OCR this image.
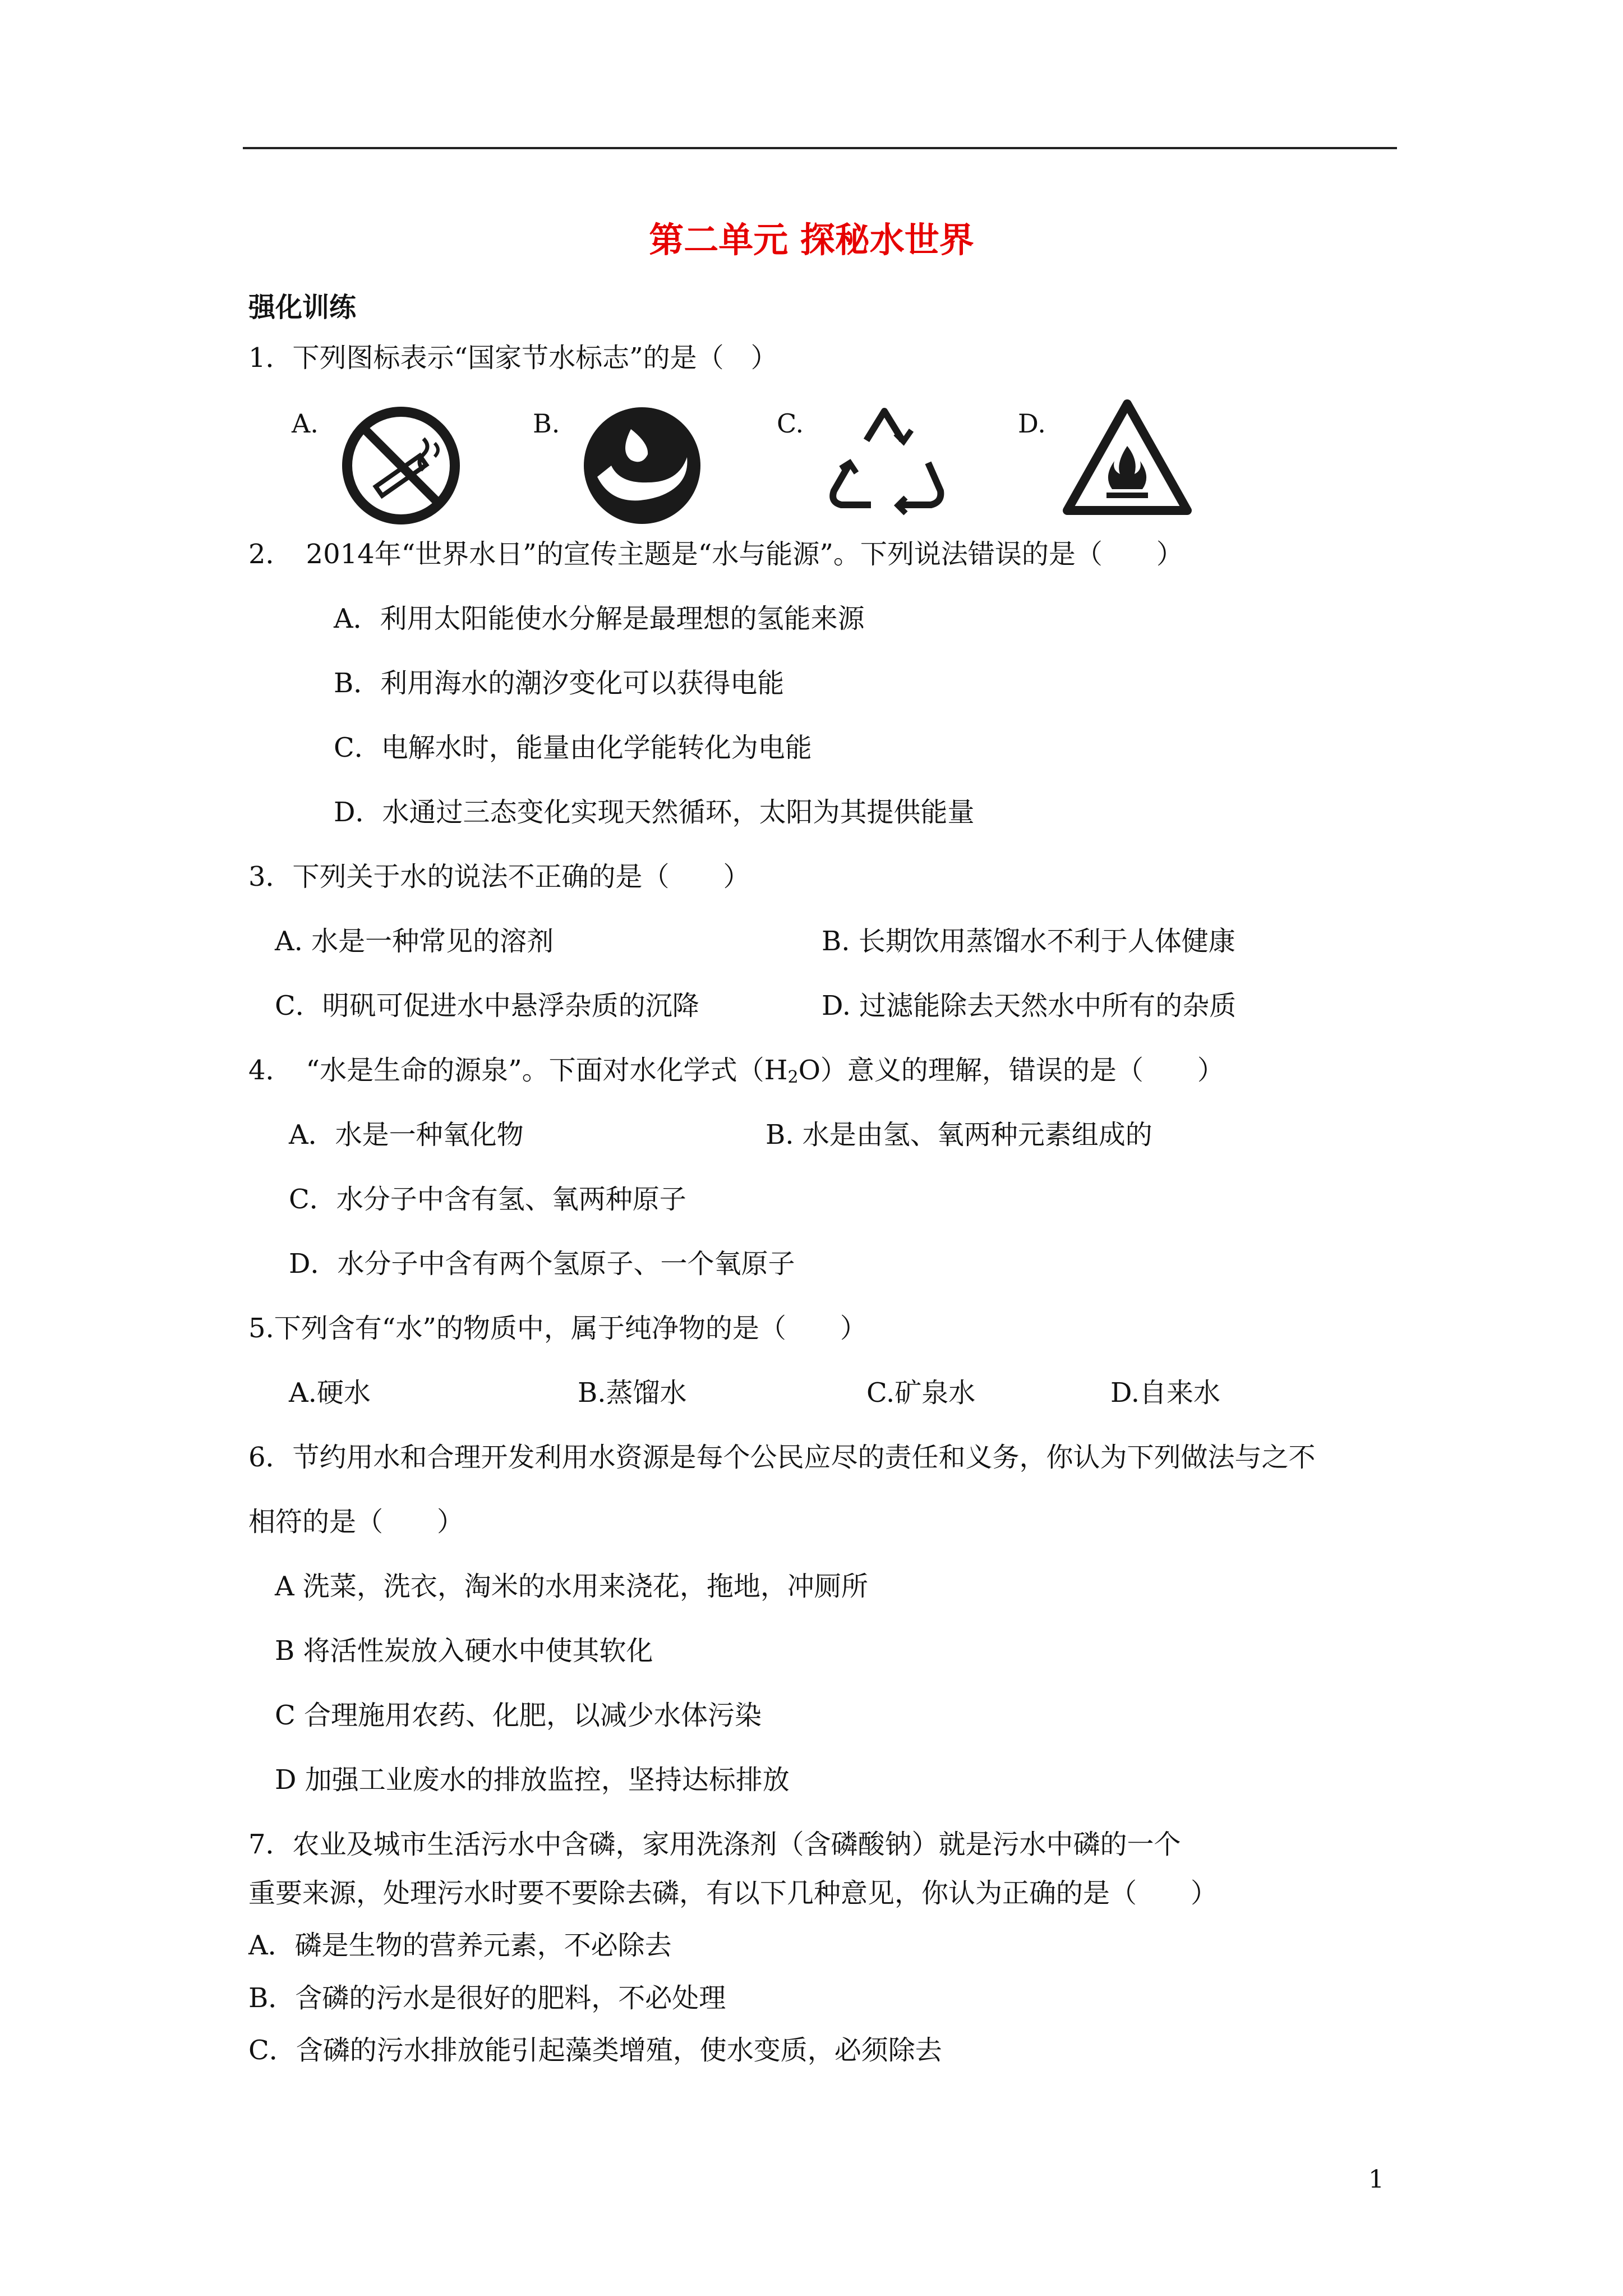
第二单元 探秘水世界
强化训练
1．下列图标表示“国家节水标志”的是（　）
A.	B.	C.	D.
2．　2014年“世界水日”的宣传主题是“水与能源”。下列说法错误的是（　　）
A．利用太阳能使水分解是最理想的氢能来源
B．利用海水的潮汐变化可以获得电能
C．电解水时，能量由化学能转化为电能
D．水通过三态变化实现天然循环，太阳为其提供能量
3．下列关于水的说法不正确的是（　　）
A. 水是一种常见的溶剂	B. 长期饮用蒸馏水不利于人体健康
C．明矾可促进水中悬浮杂质的沉降	D. 过滤能除去天然水中所有的杂质
4．　“水是生命的源泉”。下面对水化学式$(H_2O)$意义的理解，错误的是（　　）
A．水是一种氧化物	B. 水是由氢、氧两种元素组成的
C．水分子中含有氢、氧两种原子
D．水分子中含有两个氢原子、一个氧原子
5.下列含有“水”的物质中，属于纯净物的是（　　）
A.硬水	B.蒸馏水	C.矿泉水	D.自来水
6．节约用水和合理开发利用水资源是每个公民应尽的责任和义务，你认为下列做法与之不
相符的是（　　）
A 洗菜，洗衣，淘米的水用来浇花，拖地，冲厕所
B 将活性炭放入硬水中使其软化
C 合理施用农药、化肥，以减少水体污染
D 加强工业废水的排放监控，坚持达标排放
7．农业及城市生活污水中含磷，家用洗涤剂（含磷酸钠）就是污水中磷的一个
重要来源，处理污水时要不要除去磷，有以下几种意见，你认为正确的是（　　）
A．磷是生物的营养元素，不必除去
B．含磷的污水是很好的肥料，不必处理
C．含磷的污水排放能引起藻类增殖，使水变质，必须除去
1
